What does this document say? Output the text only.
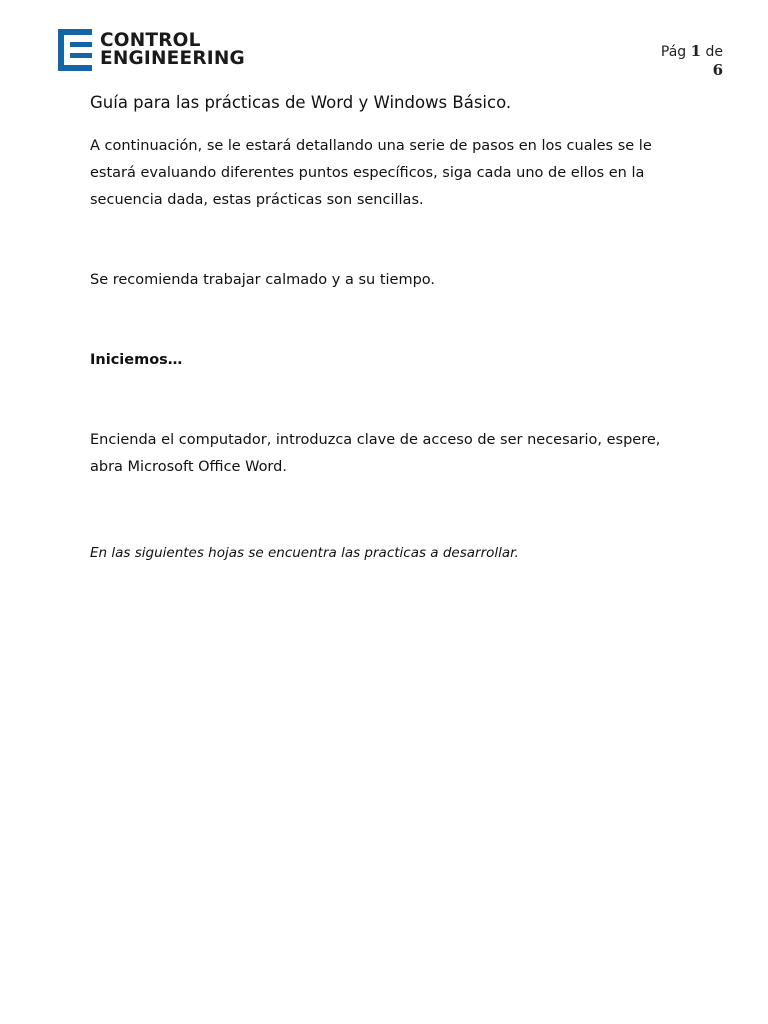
CONTROL
ENGINEERING	Pág 1 de
6
Guía para las prácticas de Word y Windows Básico.

A continuación, se le estará detallando una serie de pasos en los cuales se le estará evaluando diferentes puntos específicos, siga cada uno de ellos en la secuencia dada, estas prácticas son sencillas.

Se recomienda trabajar calmado y a su tiempo.

Iniciemos…

Encienda el computador, introduzca clave de acceso de ser necesario, espere, abra Microsoft Office Word.

En las siguientes hojas se encuentra las practicas a desarrollar.
